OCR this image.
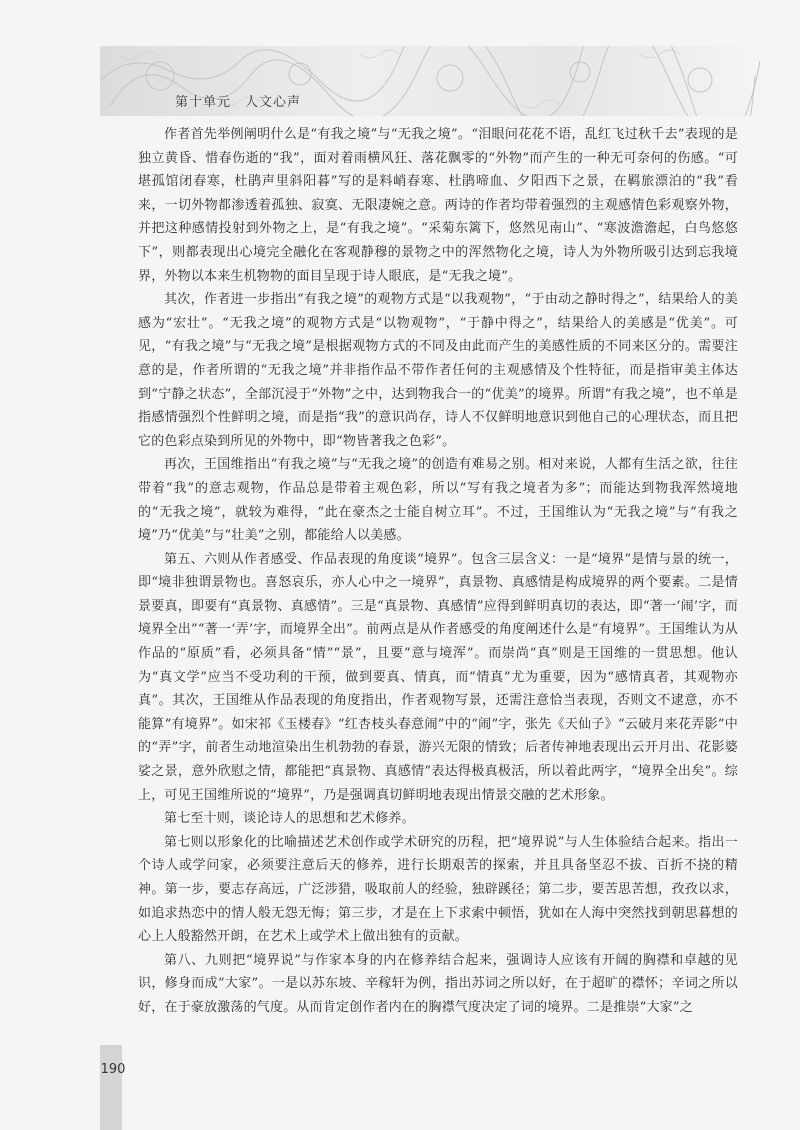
第十单元　人文心声

作者首先举例阐明什么是“有我之境”与“无我之境”。“泪眼问花花不语，乱红飞过秋千去”表现的是独立黄昏、惜春伤逝的“我”，面对着雨横风狂、落花飘零的“外物”而产生的一种无可奈何的伤感。“可堪孤馆闭春寒，杜鹃声里斜阳暮”写的是料峭春寒、杜鹃啼血、夕阳西下之景，在羁旅漂泊的“我”看来，一切外物都渗透着孤独、寂寞、无限凄婉之意。两诗的作者均带着强烈的主观感情色彩观察外物，并把这种感情投射到外物之上，是“有我之境”。“采菊东篱下，悠然见南山”、“寒波澹澹起，白鸟悠悠下”，则都表现出心境完全融化在客观静穆的景物之中的浑然物化之境，诗人为外物所吸引达到忘我境界，外物以本来生机物物的面目呈现于诗人眼底，是“无我之境”。

其次，作者进一步指出“有我之境”的观物方式是“以我观物”，“于由动之静时得之”，结果给人的美感为“宏壮”。“无我之境”的观物方式是“以物观物”，“于静中得之”，结果给人的美感是“优美”。可见，“有我之境”与“无我之境”是根据观物方式的不同及由此而产生的美感性质的不同来区分的。需要注意的是，作者所谓的“无我之境”并非指作品不带作者任何的主观感情及个性特征，而是指审美主体达到“宁静之状态”，全部沉浸于“外物”之中，达到物我合一的“优美”的境界。所谓“有我之境”，也不单是指感情强烈个性鲜明之境，而是指“我”的意识尚存，诗人不仅鲜明地意识到他自己的心理状态，而且把它的色彩点染到所见的外物中，即“物皆著我之色彩”。

再次，王国维指出“有我之境”与“无我之境”的创造有难易之别。相对来说，人都有生活之欲，往往带着“我”的意志观物，作品总是带着主观色彩，所以“写有我之境者为多”；而能达到物我浑然境地的“无我之境”，就较为难得，“此在豪杰之士能自树立耳”。不过，王国维认为“无我之境”与“有我之境”乃“优美”与“壮美”之别，都能给人以美感。

第五、六则从作者感受、作品表现的角度谈“境界”。包含三层含义：一是“境界”是情与景的统一，即“境非独谓景物也。喜怒哀乐，亦人心中之一境界”，真景物、真感情是构成境界的两个要素。二是情景要真，即要有“真景物、真感情”。三是“真景物、真感情”应得到鲜明真切的表达，即“著一‘闹’字，而境界全出”“著一‘弄’字，而境界全出”。前两点是从作者感受的角度阐述什么是“有境界”。王国维认为从作品的“原质”看，必须具备“情”“景”，且要“意与境浑”。而崇尚“真”则是王国维的一贯思想。他认为“真文学”应当不受功利的干预，做到要真、情真，而“情真”尤为重要，因为“感情真者，其观物亦真”。其次，王国维从作品表现的角度指出，作者观物写景，还需注意恰当表现，否则文不逮意，亦不能算“有境界”。如宋祁《玉楼春》“红杏枝头春意闹”中的“闹”字，张先《天仙子》“云破月来花弄影”中的“弄”字，前者生动地渲染出生机勃勃的春景，游兴无限的情致；后者传神地表现出云开月出、花影婆娑之景，意外欣慰之情，都能把“真景物、真感情”表达得极真极活，所以着此两字，“境界全出矣”。综上，可见王国维所说的“境界”，乃是强调真切鲜明地表现出情景交融的艺术形象。

第七至十则，谈论诗人的思想和艺术修养。

第七则以形象化的比喻描述艺术创作或学术研究的历程，把“境界说”与人生体验结合起来。指出一个诗人或学问家，必须要注意后天的修养，进行长期艰苦的探索，并且具备坚忍不拔、百折不挠的精神。第一步，要志存高远，广泛涉猎，吸取前人的经验，独辟蹊径；第二步，要苦思苦想，孜孜以求，如追求热恋中的情人般无怨无悔；第三步，才是在上下求索中顿悟，犹如在人海中突然找到朝思暮想的心上人般豁然开朗，在艺术上或学术上做出独有的贡献。

第八、九则把“境界说”与作家本身的内在修养结合起来，强调诗人应该有开阔的胸襟和卓越的见识，修身而成“大家”。一是以苏东坡、辛稼轩为例，指出苏词之所以好，在于超旷的襟怀；辛词之所以好，在于豪放激荡的气度。从而肯定创作者内在的胸襟气度决定了词的境界。二是推崇“大家”之

190
